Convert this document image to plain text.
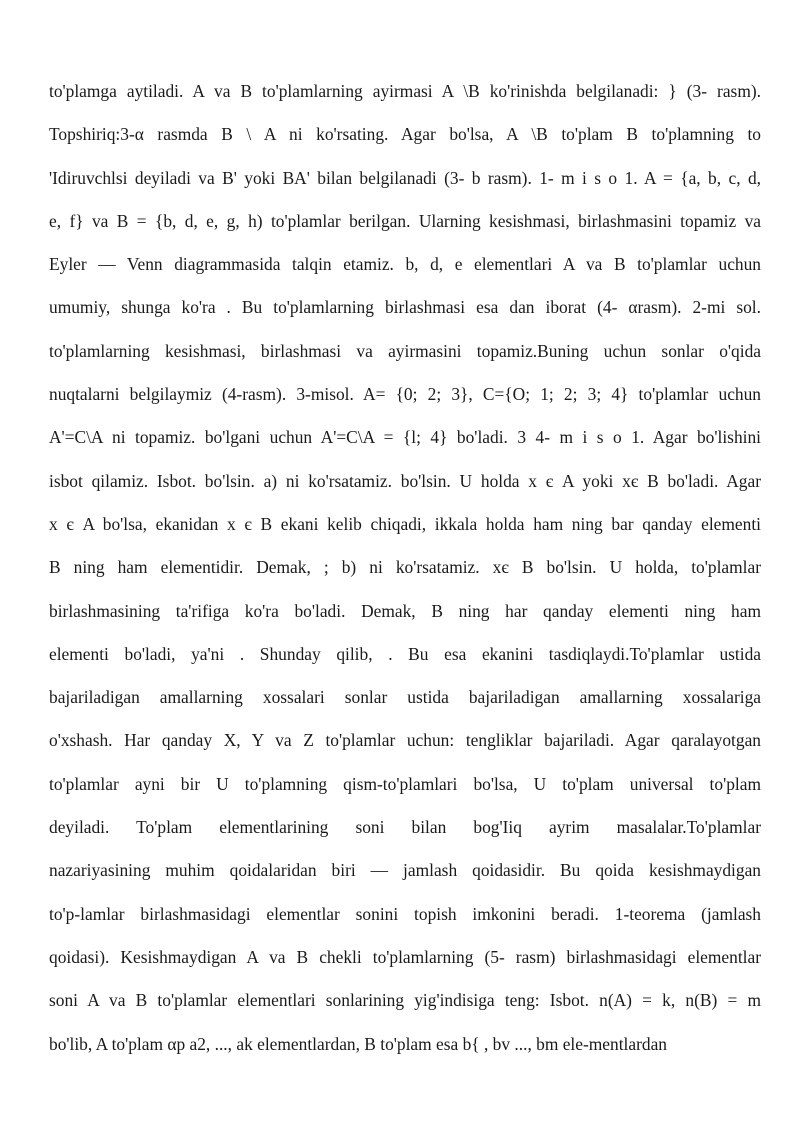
to'plamga aytiladi. A va B to'plamlarning ayirmasi A \B ko'rinishda belgilanadi: } (3- rasm).
Topshiriq:3-α rasmda B \ A ni ko'rsating. Agar bo'lsa, A \B to'plam B to'plamning to
'Idiruvchlsi deyiladi va B' yoki BA' bilan belgilanadi (3- b rasm). 1- m i s o 1. A = {a, b, c, d,
e, f} va B = {b, d, e, g, h) to'plamlar berilgan. Ularning kesishmasi, birlashmasini topamiz va
Eyler — Venn diagrammasida talqin etamiz. b, d, e elementlari A va B to'plamlar uchun
umumiy, shunga ko'ra . Bu to'plamlarning birlashmasi esa dan iborat (4- αrasm). 2-mi sol.
to'plamlarning kesishmasi, birlashmasi va ayirmasini topamiz.Buning uchun sonlar o'qida
nuqtalarni belgilaymiz (4-rasm). 3-misol. A= {0; 2; 3}, C={O; 1; 2; 3; 4} to'plamlar uchun
A'=C\A ni topamiz. bo'lgani uchun A'=C\A = {l; 4} bo'ladi. 3 4- m i s o 1. Agar bo'lishini
isbot qilamiz. Isbot. bo'lsin. a) ni ko'rsatamiz. bo'lsin. U holda x є A yoki xє B bo'ladi. Agar
x є A bo'lsa, ekanidan x є B ekani kelib chiqadi, ikkala holda ham ning bar qanday elementi
B ning ham elementidir. Demak, ; b) ni ko'rsatamiz. xє B bo'lsin. U holda, to'plamlar
birlashmasining ta'rifiga ko'ra bo'ladi. Demak, B ning har qanday elementi ning ham
elementi bo'ladi, ya'ni . Shunday qilib, . Bu esa ekanini tasdiqlaydi.To'plamlar ustida
bajariladigan amallarning xossalari sonlar ustida bajariladigan amallarning xossalariga
o'xshash. Har qanday X, Y va Z to'plamlar uchun: tengliklar bajariladi. Agar qaralayotgan
to'plamlar ayni bir U to'plamning qism-to'plamlari bo'lsa, U to'plam universal to'plam
deyiladi. To'plam elementlarining soni bilan bog'Iiq ayrim masalalar.To'plamlar
nazariyasining muhim qoidalaridan biri — jamlash qoidasidir. Bu qoida kesishmaydigan
to'p-lamlar birlashmasidagi elementlar sonini topish imkonini beradi. 1-teorema (jamlash
qoidasi). Kesishmaydigan A va B chekli to'plamlarning (5- rasm) birlashmasidagi elementlar
soni A va B to'plamlar elementlari sonlarining yig'indisiga teng: Isbot. n(A) = k, n(B) = m
bo'lib, A to'plam αp a2, ..., ak elementlardan, B to'plam esa b{ , bv ..., bm ele-mentlardan
